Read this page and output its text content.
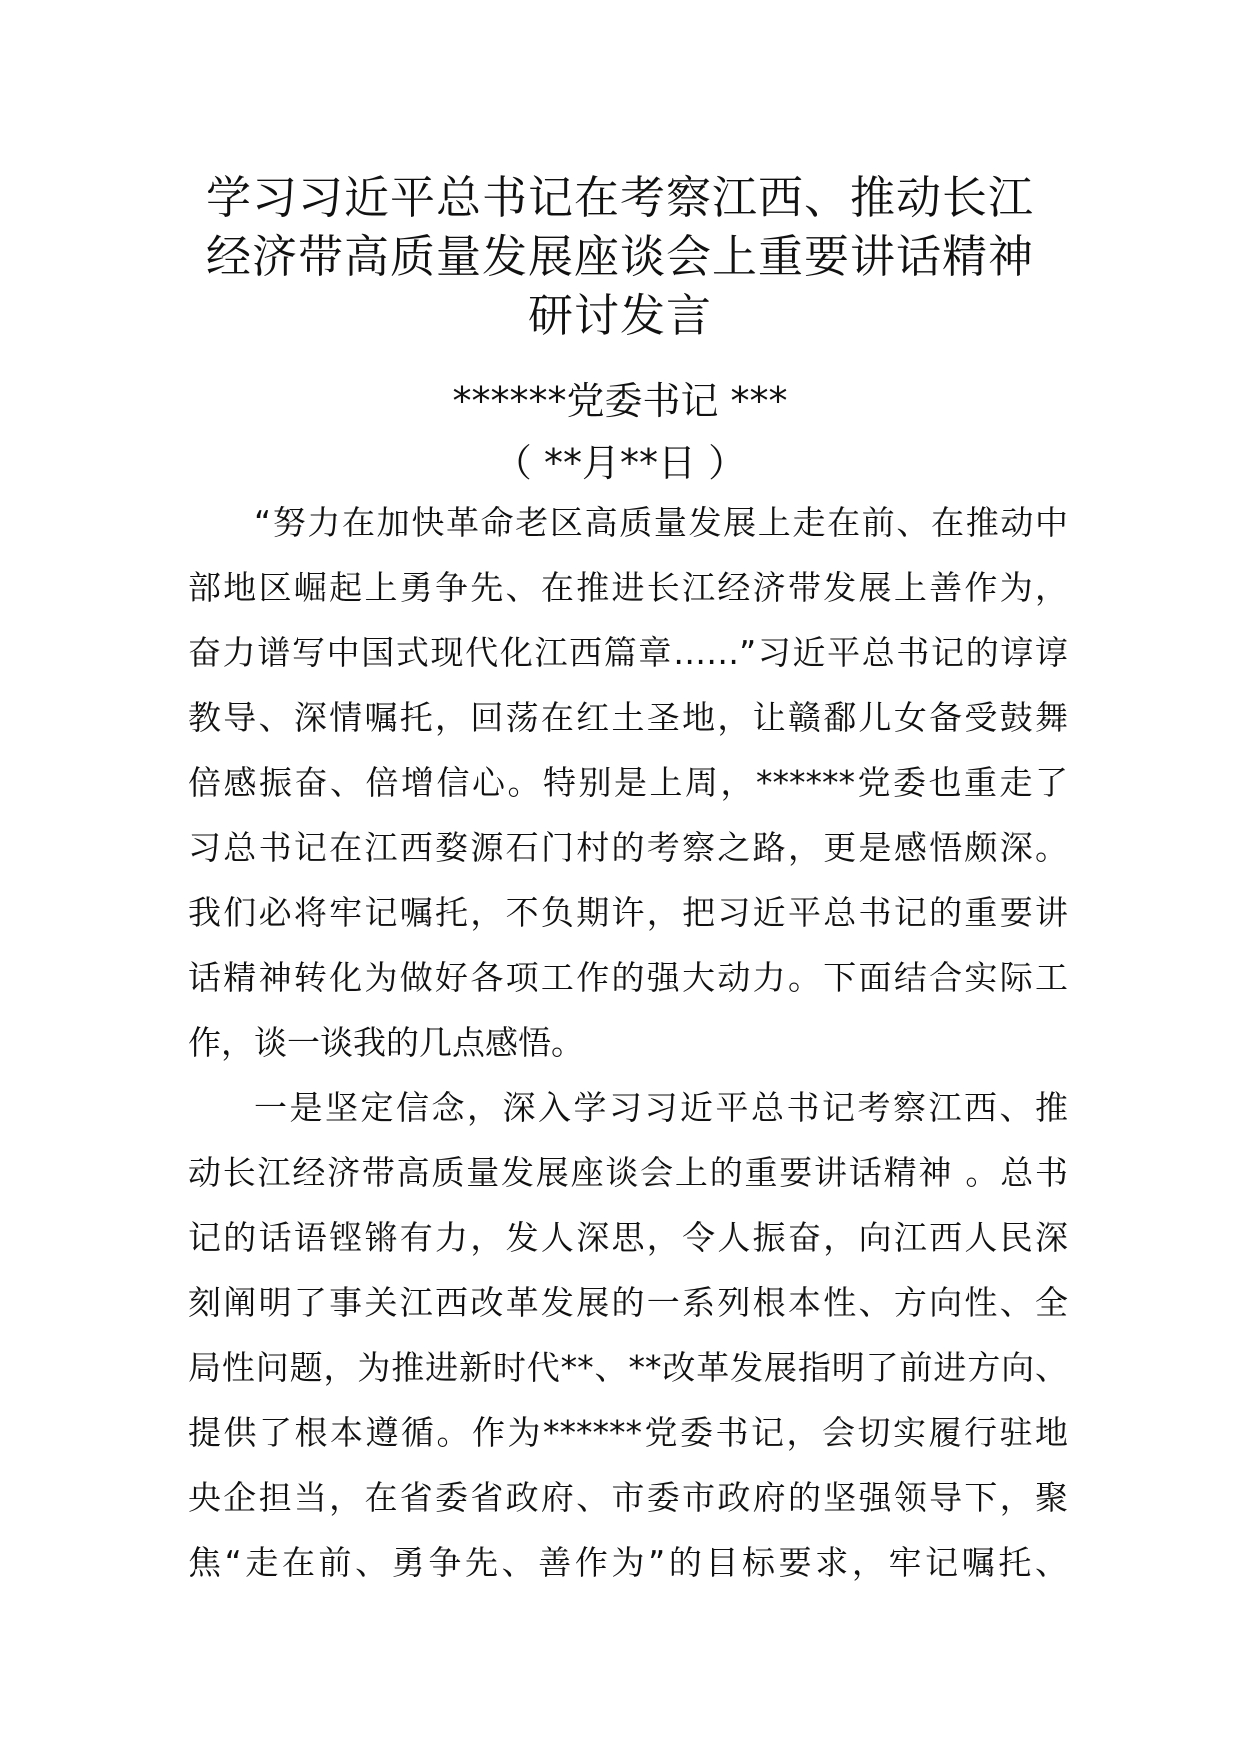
学习习近平总书记在考察江西、推动长江
经济带高质量发展座谈会上重要讲话精神
研讨发言

******党委书记 ***

（ **月**日 ）

“努力在加快革命老区高质量发展上走在前、在推动中
部地区崛起上勇争先、在推进长江经济带发展上善作为，
奋力谱写中国式现代化江西篇章……”习近平总书记的谆谆
教导、深情嘱托，回荡在红土圣地，让赣鄱儿女备受鼓舞
倍感振奋、倍增信心。特别是上周，******党委也重走了
习总书记在江西婺源石门村的考察之路，更是感悟颇深。
我们必将牢记嘱托，不负期许，把习近平总书记的重要讲
话精神转化为做好各项工作的强大动力。下面结合实际工
作，谈一谈我的几点感悟。
一是坚定信念，深入学习习近平总书记考察江西、推
动长江经济带高质量发展座谈会上的重要讲话精神 。总书
记的话语铿锵有力，发人深思，令人振奋，向江西人民深
刻阐明了事关江西改革发展的一系列根本性、方向性、全
局性问题，为推进新时代**、**改革发展指明了前进方向、
提供了根本遵循。作为******党委书记，会切实履行驻地
央企担当，在省委省政府、市委市政府的坚强领导下，聚
焦“走在前、勇争先、善作为”的目标要求，牢记嘱托、
